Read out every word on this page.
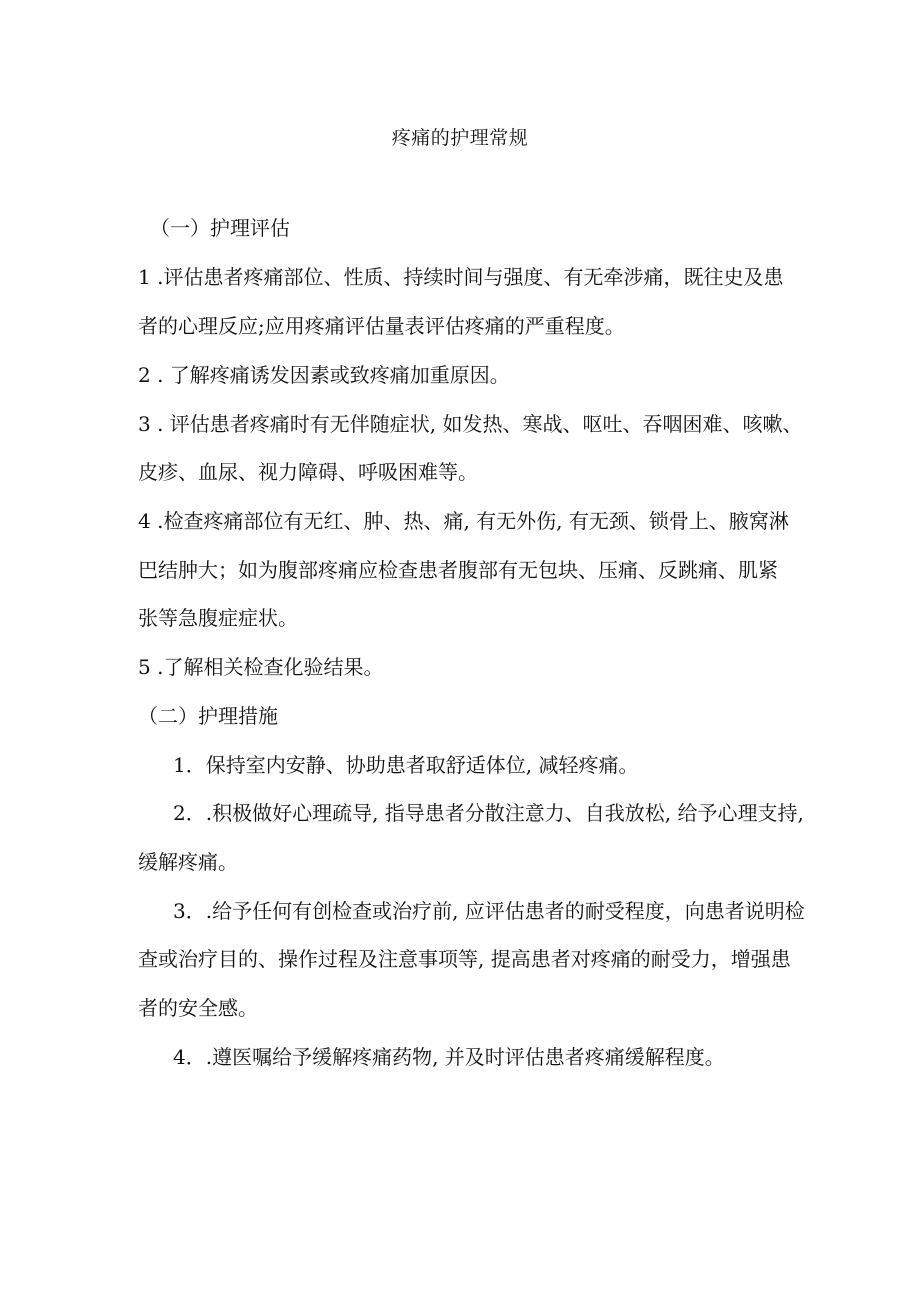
疼痛的护理常规
（一）护理评估
1 .评估患者疼痛部位、性质、持续时间与强度、有无牵涉痛，既往史及患
者的心理反应;应用疼痛评估量表评估疼痛的严重程度。
2 . 了解疼痛诱发因素或致疼痛加重原因。
3 . 评估患者疼痛时有无伴随症状, 如发热、寒战、呕吐、吞咽困难、咳嗽、
皮疹、血尿、视力障碍、呼吸困难等。
4 .检查疼痛部位有无红、肿、热、痛, 有无外伤, 有无颈、锁骨上、腋窝淋
巴结肿大；如为腹部疼痛应检查患者腹部有无包块、压痛、反跳痛、肌紧
张等急腹症症状。
5 .了解相关检查化验结果。
（二）护理措施
1．保持室内安静、协助患者取舒适体位, 减轻疼痛。
2．.积极做好心理疏导, 指导患者分散注意力、自我放松, 给予心理支持,
缓解疼痛。
3．.给予任何有创检查或治疗前, 应评估患者的耐受程度，向患者说明检
查或治疗目的、操作过程及注意事项等, 提高患者对疼痛的耐受力，增强患
者的安全感。
4．.遵医嘱给予缓解疼痛药物, 并及时评估患者疼痛缓解程度。
